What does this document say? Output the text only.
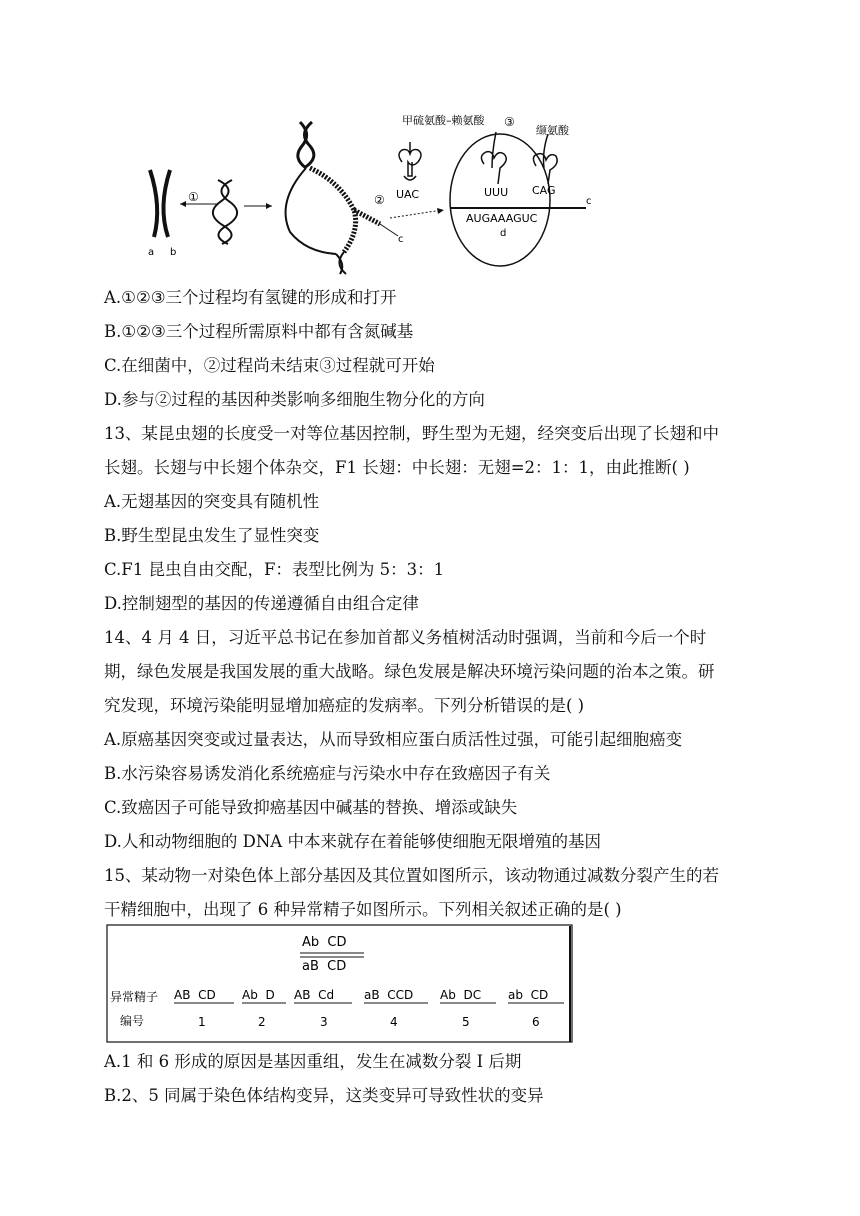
a b
①	②
c
UAC
甲硫氨酸–赖氨酸 ③
缬氨酸
UUU CAG
AUGAAAGUC
d
c
A.①②③三个过程均有氢键的形成和打开
B.①②③三个过程所需原料中都有含氮碱基
C.在细菌中，②过程尚未结束③过程就可开始
D.参与②过程的基因种类影响多细胞生物分化的方向
13、某昆虫翅的长度受一对等位基因控制，野生型为无翅，经突变后出现了长翅和中
长翅。长翅与中长翅个体杂交，F1 长翅：中长翅：无翅=2：1：1，由此推断( )
A.无翅基因的突变具有随机性
B.野生型昆虫发生了显性突变
C.F1 昆虫自由交配，F：表型比例为 5：3：1
D.控制翅型的基因的传递遵循自由组合定律
14、4 月 4 日，习近平总书记在参加首都义务植树活动时强调，当前和今后一个时
期，绿色发展是我国发展的重大战略。绿色发展是解决环境污染问题的治本之策。研
究发现，环境污染能明显增加癌症的发病率。下列分析错误的是( )
A.原癌基因突变或过量表达，从而导致相应蛋白质活性过强，可能引起细胞癌变
B.水污染容易诱发消化系统癌症与污染水中存在致癌因子有关
C.致癌因子可能导致抑癌基因中碱基的替换、增添或缺失
D.人和动物细胞的 DNA 中本来就存在着能够使细胞无限增殖的基因
15、某动物一对染色体上部分基因及其位置如图所示，该动物通过减数分裂产生的若
干精细胞中，出现了 6 种异常精子如图所示。下列相关叙述正确的是( )
Ab  CD
aB  CD
异常精子
编号
AB  CD Ab  D AB  Cd aB  CCD Ab  DC ab  CD
1	2	3	4	5	6
A.1 和 6 形成的原因是基因重组，发生在减数分裂 I 后期
B.2、5 同属于染色体结构变异，这类变异可导致性状的变异
